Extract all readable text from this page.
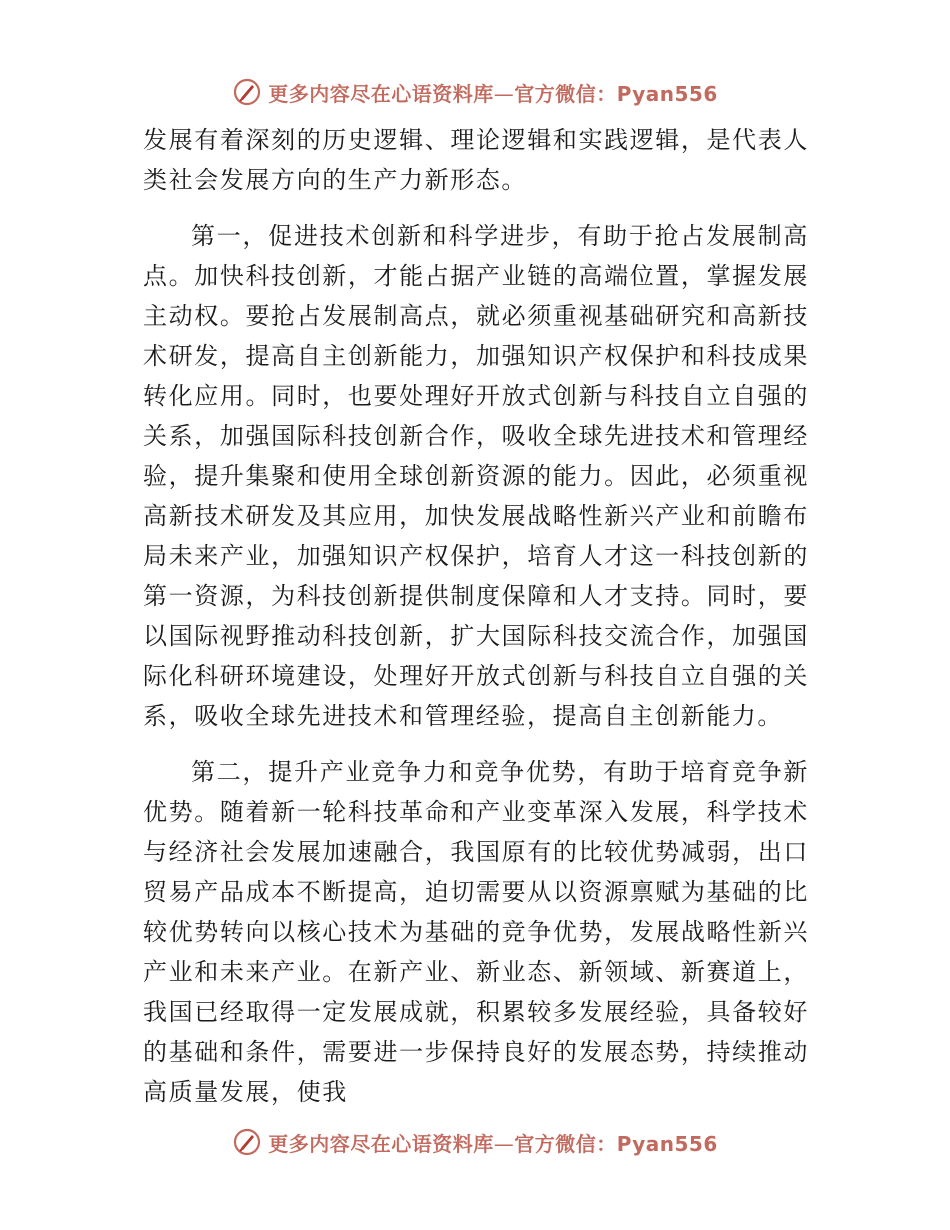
更多内容尽在心语资料库—官方微信：Pyan556

发展有着深刻的历史逻辑、理论逻辑和实践逻辑，是代表人类社会发展方向的生产力新形态。

第一，促进技术创新和科学进步，有助于抢占发展制高点。加快科技创新，才能占据产业链的高端位置，掌握发展主动权。要抢占发展制高点，就必须重视基础研究和高新技术研发，提高自主创新能力，加强知识产权保护和科技成果转化应用。同时，也要处理好开放式创新与科技自立自强的关系，加强国际科技创新合作，吸收全球先进技术和管理经验，提升集聚和使用全球创新资源的能力。因此，必须重视高新技术研发及其应用，加快发展战略性新兴产业和前瞻布局未来产业，加强知识产权保护，培育人才这一科技创新的第一资源，为科技创新提供制度保障和人才支持。同时，要以国际视野推动科技创新，扩大国际科技交流合作，加强国际化科研环境建设，处理好开放式创新与科技自立自强的关系，吸收全球先进技术和管理经验，提高自主创新能力。

第二，提升产业竞争力和竞争优势，有助于培育竞争新优势。随着新一轮科技革命和产业变革深入发展，科学技术与经济社会发展加速融合，我国原有的比较优势减弱，出口贸易产品成本不断提高，迫切需要从以资源禀赋为基础的比较优势转向以核心技术为基础的竞争优势，发展战略性新兴产业和未来产业。在新产业、新业态、新领域、新赛道上，我国已经取得一定发展成就，积累较多发展经验，具备较好的基础和条件，需要进一步保持良好的发展态势，持续推动高质量发展，使我

更多内容尽在心语资料库—官方微信：Pyan556
